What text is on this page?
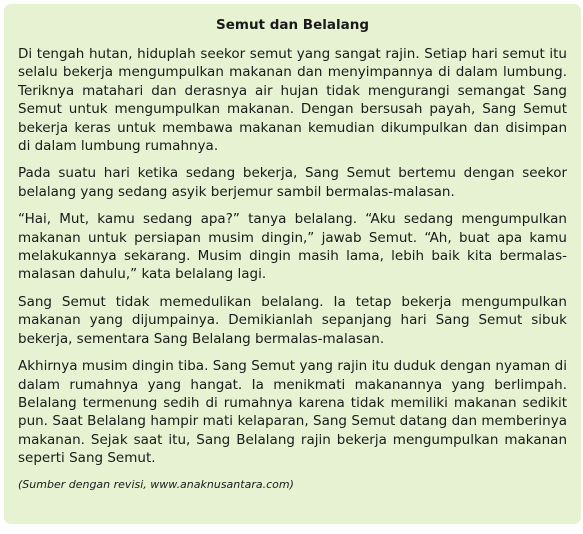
Semut dan Belalang

Di tengah hutan, hiduplah seekor semut yang sangat rajin. Setiap hari semut itu selalu bekerja mengumpulkan makanan dan menyimpannya di dalam lumbung. Teriknya matahari dan derasnya air hujan tidak mengurangi semangat Sang Semut untuk mengumpulkan makanan. Dengan bersusah payah, Sang Semut bekerja keras untuk membawa makanan kemudian dikumpulkan dan disimpan di dalam lumbung rumahnya.

Pada suatu hari ketika sedang bekerja, Sang Semut bertemu dengan seekor belalang yang sedang asyik berjemur sambil bermalas-malasan.

“Hai, Mut, kamu sedang apa?” tanya belalang. “Aku sedang mengumpulkan makanan untuk persiapan musim dingin,” jawab Semut. “Ah, buat apa kamu melakukannya sekarang. Musim dingin masih lama, lebih baik kita bermalas-malasan dahulu,” kata belalang lagi.

Sang Semut tidak memedulikan belalang. Ia tetap bekerja mengumpulkan makanan yang dijumpainya. Demikianlah sepanjang hari Sang Semut sibuk bekerja, sementara Sang Belalang bermalas-malasan.

Akhirnya musim dingin tiba. Sang Semut yang rajin itu duduk dengan nyaman di dalam rumahnya yang hangat. Ia menikmati makanannya yang berlimpah. Belalang termenung sedih di rumahnya karena tidak memiliki makanan sedikit pun. Saat Belalang hampir mati kelaparan, Sang Semut datang dan memberinya makanan. Sejak saat itu, Sang Belalang rajin bekerja mengumpulkan makanan seperti Sang Semut.

(Sumber dengan revisi, www.anaknusantara.com)
